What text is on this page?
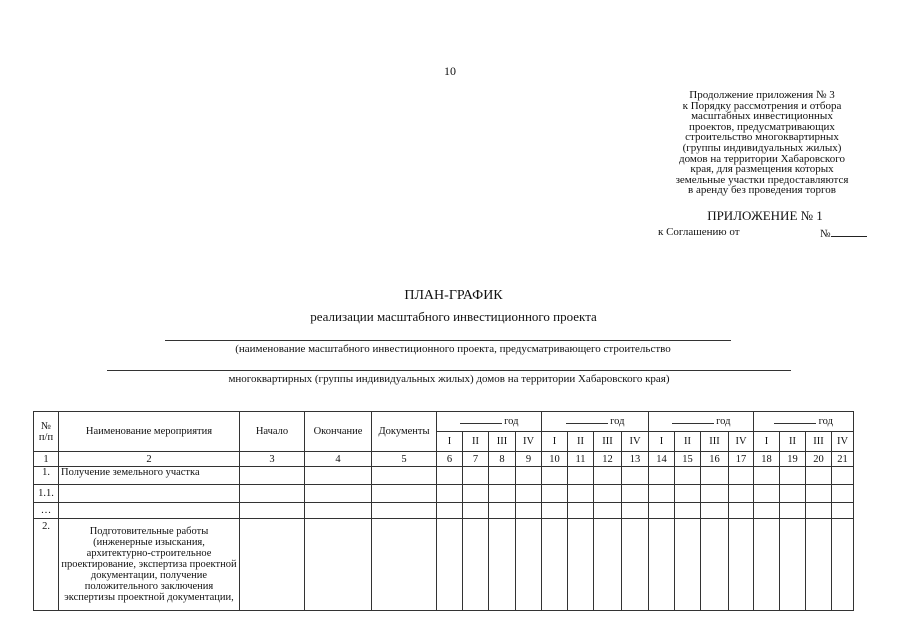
10
Продолжение приложения № 3
к Порядку рассмотрения и отбора
масштабных инвестиционных
проектов, предусматривающих
строительство многоквартирных
(группы индивидуальных жилых)
домов на территории Хабаровского
края, для размещения которых
земельные участки предоставляются
в аренду без проведения торгов
ПРИЛОЖЕНИЕ № 1
к Соглашению от	№
ПЛАН-ГРАФИК
реализации масштабного инвестиционного проекта
(наименование масштабного инвестиционного проекта, предусматривающего строительство
многоквартирных (группы индивидуальных жилых) домов на территории Хабаровского края)
№ п/п	Наименование мероприятия	Начало	Окончание	Документы	год				год				год				год			
					I	II	III	IV	I	II	III	IV	I	II	III	IV	I	II	III	IV
1	2	3	4	5	6	7	8	9	10	11	12	13	14	15	16	17	18	19	20	21
1.	Получение земельного участка																			
1.1.																				
…																				
2.	Подготовительные работы (инженерные изыскания, архитектурно-строительное проектирование, экспертиза проектной документации, получение положительного заключения экспертизы проектной документации,																			
